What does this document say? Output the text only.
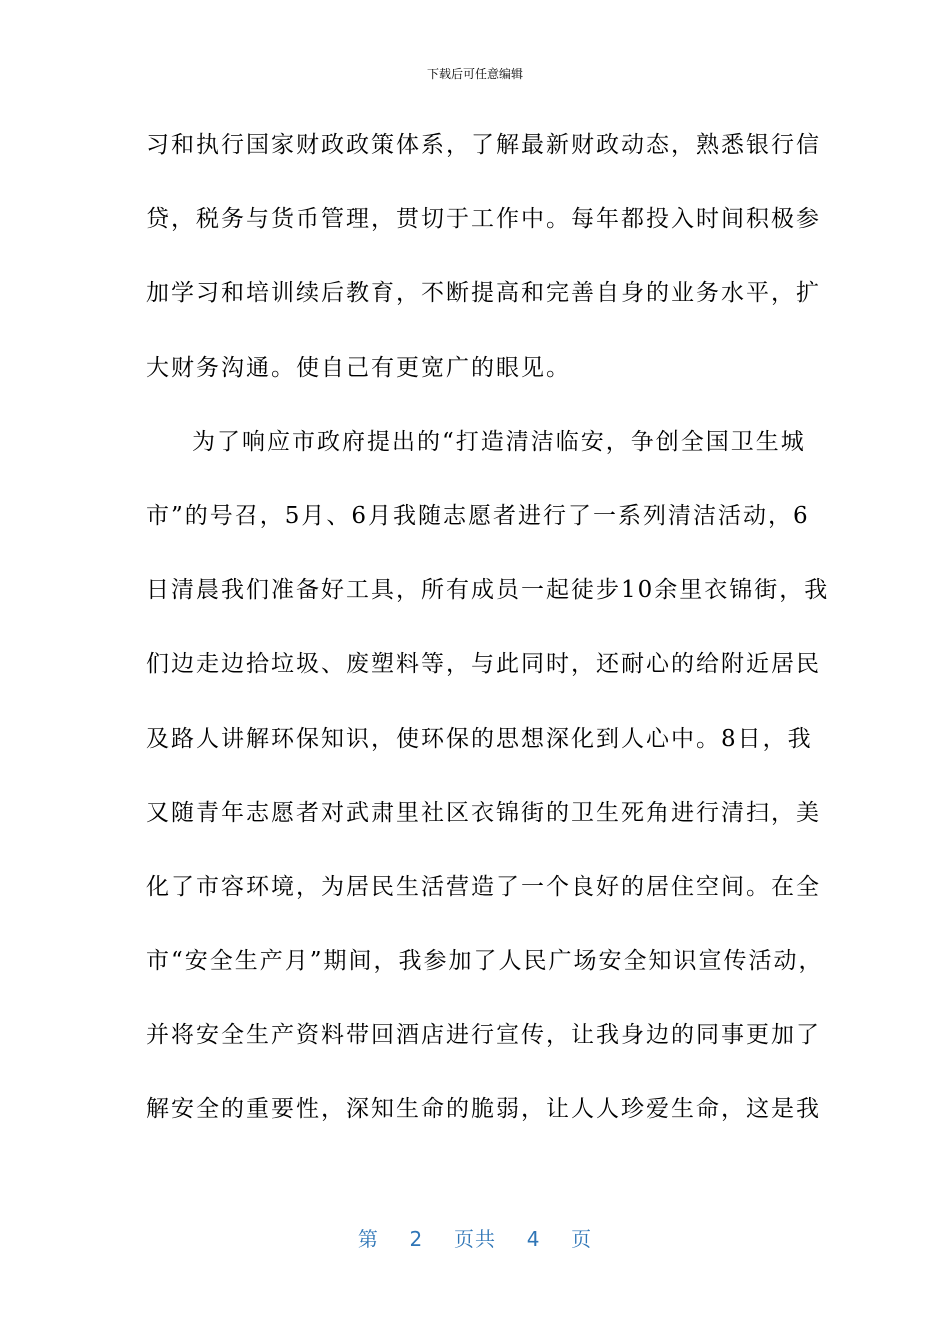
下载后可任意编辑
习和执行国家财政政策体系，了解最新财政动态，熟悉银行信
贷，税务与货币管理，贯切于工作中。每年都投入时间积极参
加学习和培训续后教育，不断提高和完善自身的业务水平，扩
大财务沟通。使自己有更宽广的眼见。
为了响应市政府提出的“打造清洁临安，争创全国卫生城
市”的号召，5月、6月我随志愿者进行了一系列清洁活动，6
日清晨我们准备好工具，所有成员一起徒步10余里衣锦街，我
们边走边拾垃圾、废塑料等，与此同时，还耐心的给附近居民
及路人讲解环保知识，使环保的思想深化到人心中。8日，我
又随青年志愿者对武肃里社区衣锦街的卫生死角进行清扫，美
化了市容环境，为居民生活营造了一个良好的居住空间。在全
市“安全生产月”期间，我参加了人民广场安全知识宣传活动，
并将安全生产资料带回酒店进行宣传，让我身边的同事更加了
解安全的重要性，深知生命的脆弱，让人人珍爱生命，这是我
第 2 页共 4 页
